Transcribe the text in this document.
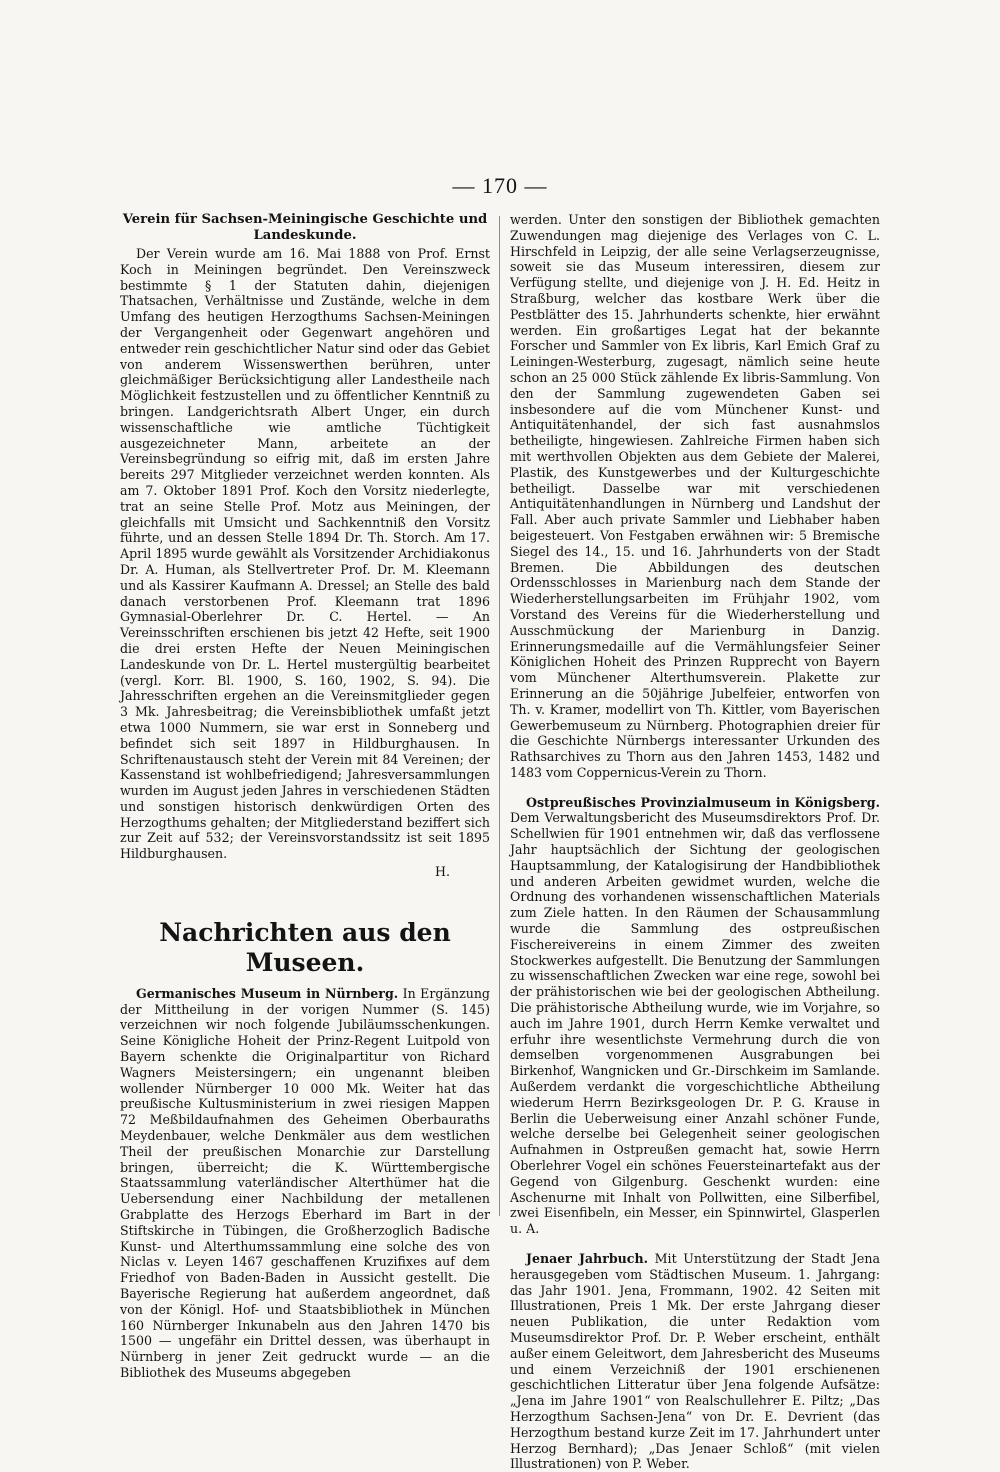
— 170 —
Verein für Sachsen-Meiningische Geschichte und Landeskunde.

Der Verein wurde am 16. Mai 1888 von Prof. Ernst Koch in Meiningen begründet. Den Vereinszweck bestimmte § 1 der Statuten dahin, diejenigen Thatsachen, Verhältnisse und Zustände, welche in dem Umfang des heutigen Herzogthums Sachsen-Meiningen der Vergangenheit oder Gegenwart angehören und entweder rein geschichtlicher Natur sind oder das Gebiet von anderem Wissenswerthen berühren, unter gleichmäßiger Berücksichtigung aller Landestheile nach Möglichkeit festzustellen und zu öffentlicher Kenntniß zu bringen. Landgerichtsrath Albert Unger, ein durch wissenschaftliche wie amtliche Tüchtigkeit ausgezeichneter Mann, arbeitete an der Vereinsbegründung so eifrig mit, daß im ersten Jahre bereits 297 Mitglieder verzeichnet werden konnten. Als am 7. Oktober 1891 Prof. Koch den Vorsitz niederlegte, trat an seine Stelle Prof. Motz aus Meiningen, der gleichfalls mit Umsicht und Sachkenntniß den Vorsitz führte, und an dessen Stelle 1894 Dr. Th. Storch. Am 17. April 1895 wurde gewählt als Vorsitzender Archidiakonus Dr. A. Human, als Stellvertreter Prof. Dr. M. Kleemann und als Kassirer Kaufmann A. Dressel; an Stelle des bald danach verstorbenen Prof. Kleemann trat 1896 Gymnasial-Oberlehrer Dr. C. Hertel. — An Vereinsschriften erschienen bis jetzt 42 Hefte, seit 1900 die drei ersten Hefte der Neuen Meiningischen Landeskunde von Dr. L. Hertel mustergültig bearbeitet (vergl. Korr. Bl. 1900, S. 160, 1902, S. 94). Die Jahresschriften ergehen an die Vereinsmitglieder gegen 3 Mk. Jahresbeitrag; die Vereinsbibliothek umfaßt jetzt etwa 1000 Nummern, sie war erst in Sonneberg und befindet sich seit 1897 in Hildburghausen. In Schriftenaustausch steht der Verein mit 84 Vereinen; der Kassenstand ist wohlbefriedigend; Jahresversammlungen wurden im August jeden Jahres in verschiedenen Städten und sonstigen historisch denkwürdigen Orten des Herzogthums gehalten; der Mitgliederstand beziffert sich zur Zeit auf 532; der Vereinsvorstandssitz ist seit 1895 Hildburghausen.

H.
Nachrichten aus den Museen.

Germanisches Museum in Nürnberg. In Ergänzung der Mittheilung in der vorigen Nummer (S. 145) verzeichnen wir noch folgende Jubiläumsschenkungen. Seine Königliche Hoheit der Prinz-Regent Luitpold von Bayern schenkte die Originalpartitur von Richard Wagners Meistersingern; ein ungenannt bleiben wollender Nürnberger 10 000 Mk. Weiter hat das preußische Kultusministerium in zwei riesigen Mappen 72 Meßbildaufnahmen des Geheimen Oberbauraths Meydenbauer, welche Denkmäler aus dem westlichen Theil der preußischen Monarchie zur Darstellung bringen, überreicht; die K. Württembergische Staatssammlung vaterländischer Alterthümer hat die Uebersendung einer Nachbildung der metallenen Grabplatte des Herzogs Eberhard im Bart in der Stiftskirche in Tübingen, die Großherzoglich Badische Kunst- und Alterthumssammlung eine solche des von Niclas v. Leyen 1467 geschaffenen Kruzifixes auf dem Friedhof von Baden-Baden in Aussicht gestellt. Die Bayerische Regierung hat außerdem angeordnet, daß von der Königl. Hof- und Staatsbibliothek in München 160 Nürnberger Inkunabeln aus den Jahren 1470 bis 1500 — ungefähr ein Drittel dessen, was überhaupt in Nürnberg in jener Zeit gedruckt wurde — an die Bibliothek des Museums abgegeben

werden. Unter den sonstigen der Bibliothek gemachten Zuwendungen mag diejenige des Verlages von C. L. Hirschfeld in Leipzig, der alle seine Verlagserzeugnisse, soweit sie das Museum interessiren, diesem zur Verfügung stellte, und diejenige von J. H. Ed. Heitz in Straßburg, welcher das kostbare Werk über die Pestblätter des 15. Jahrhunderts schenkte, hier erwähnt werden. Ein großartiges Legat hat der bekannte Forscher und Sammler von Ex libris, Karl Emich Graf zu Leiningen-Westerburg, zugesagt, nämlich seine heute schon an 25 000 Stück zählende Ex libris-Sammlung. Von den der Sammlung zugewendeten Gaben sei insbesondere auf die vom Münchener Kunst- und Antiquitätenhandel, der sich fast ausnahmslos betheiligte, hingewiesen. Zahlreiche Firmen haben sich mit werthvollen Objekten aus dem Gebiete der Malerei, Plastik, des Kunstgewerbes und der Kulturgeschichte betheiligt. Dasselbe war mit verschiedenen Antiquitätenhandlungen in Nürnberg und Landshut der Fall. Aber auch private Sammler und Liebhaber haben beigesteuert. Von Festgaben erwähnen wir: 5 Bremische Siegel des 14., 15. und 16. Jahrhunderts von der Stadt Bremen. Die Abbildungen des deutschen Ordensschlosses in Marienburg nach dem Stande der Wiederherstellungsarbeiten im Frühjahr 1902, vom Vorstand des Vereins für die Wiederherstellung und Ausschmückung der Marienburg in Danzig. Erinnerungsmedaille auf die Vermählungsfeier Seiner Königlichen Hoheit des Prinzen Rupprecht von Bayern vom Münchener Alterthumsverein. Plakette zur Erinnerung an die 50jährige Jubelfeier, entworfen von Th. v. Kramer, modellirt von Th. Kittler, vom Bayerischen Gewerbemuseum zu Nürnberg. Photographien dreier für die Geschichte Nürnbergs interessanter Urkunden des Rathsarchives zu Thorn aus den Jahren 1453, 1482 und 1483 vom Coppernicus-Verein zu Thorn.

Ostpreußisches Provinzialmuseum in Königsberg. Dem Verwaltungsbericht des Museumsdirektors Prof. Dr. Schellwien für 1901 entnehmen wir, daß das verflossene Jahr hauptsächlich der Sichtung der geologischen Hauptsammlung, der Katalogisirung der Handbibliothek und anderen Arbeiten gewidmet wurden, welche die Ordnung des vorhandenen wissenschaftlichen Materials zum Ziele hatten. In den Räumen der Schausammlung wurde die Sammlung des ostpreußischen Fischereivereins in einem Zimmer des zweiten Stockwerkes aufgestellt. Die Benutzung der Sammlungen zu wissenschaftlichen Zwecken war eine rege, sowohl bei der prähistorischen wie bei der geologischen Abtheilung. Die prähistorische Abtheilung wurde, wie im Vorjahre, so auch im Jahre 1901, durch Herrn Kemke verwaltet und erfuhr ihre wesentlichste Vermehrung durch die von demselben vorgenommenen Ausgrabungen bei Birkenhof, Wangnicken und Gr.-Dirschkeim im Samlande. Außerdem verdankt die vorgeschichtliche Abtheilung wiederum Herrn Bezirksgeologen Dr. P. G. Krause in Berlin die Ueberweisung einer Anzahl schöner Funde, welche derselbe bei Gelegenheit seiner geologischen Aufnahmen in Ostpreußen gemacht hat, sowie Herrn Oberlehrer Vogel ein schönes Feuersteinartefakt aus der Gegend von Gilgenburg. Geschenkt wurden: eine Aschenurne mit Inhalt von Pollwitten, eine Silberfibel, zwei Eisenfibeln, ein Messer, ein Spinnwirtel, Glasperlen u. A.

Jenaer Jahrbuch. Mit Unterstützung der Stadt Jena herausgegeben vom Städtischen Museum. 1. Jahrgang: das Jahr 1901. Jena, Frommann, 1902. 42 Seiten mit Illustrationen, Preis 1 Mk. Der erste Jahrgang dieser neuen Publikation, die unter Redaktion vom Museumsdirektor Prof. Dr. P. Weber erscheint, enthält außer einem Geleitwort, dem Jahresbericht des Museums und einem Verzeichniß der 1901 erschienenen geschichtlichen Litteratur über Jena folgende Aufsätze: „Jena im Jahre 1901“ von Realschullehrer E. Piltz; „Das Herzogthum Sachsen-Jena“ von Dr. E. Devrient (das Herzogthum bestand kurze Zeit im 17. Jahrhundert unter Herzog Bernhard); „Das Jenaer Schloß“ (mit vielen Illustrationen) von P. Weber.
